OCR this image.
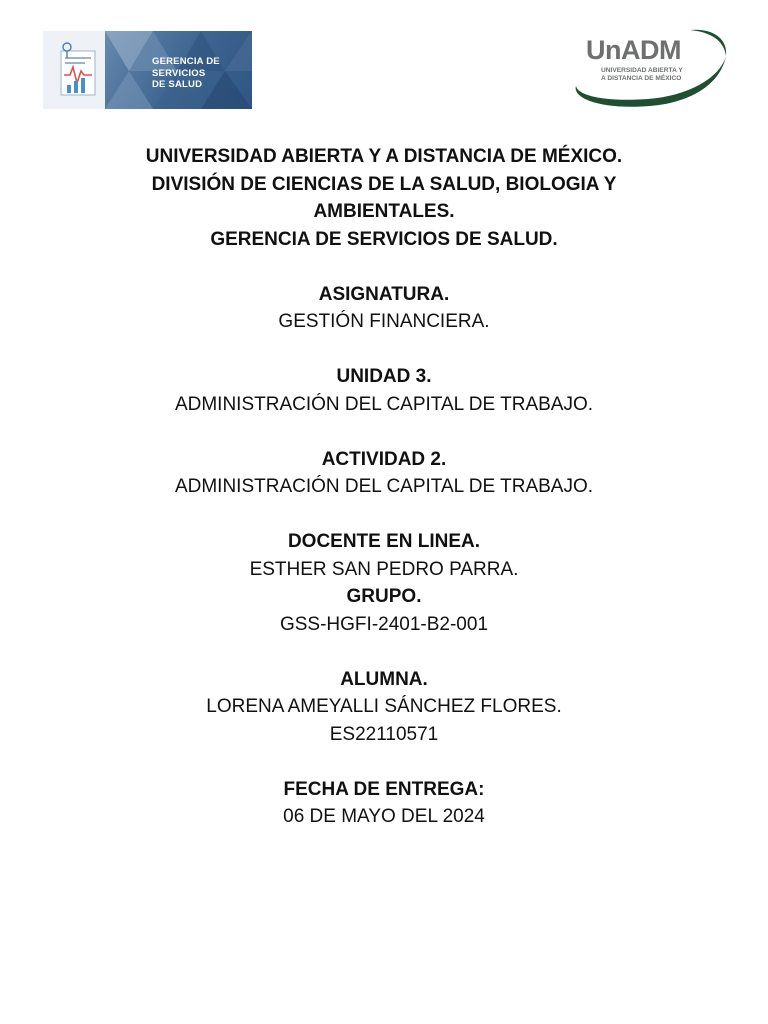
GERENCIA DE
SERVICIOS
DE SALUD
UnADM
UNIVERSIDAD ABIERTA Y
A DISTANCIA DE MÉXICO

UNIVERSIDAD ABIERTA Y A DISTANCIA DE MÉXICO.

DIVISIÓN DE CIENCIAS DE LA SALUD, BIOLOGIA Y

AMBIENTALES.

GERENCIA DE SERVICIOS DE SALUD.

ASIGNATURA.

GESTIÓN FINANCIERA.

UNIDAD 3.

ADMINISTRACIÓN DEL CAPITAL DE TRABAJO.

ACTIVIDAD 2.

ADMINISTRACIÓN DEL CAPITAL DE TRABAJO.

DOCENTE EN LINEA.

ESTHER SAN PEDRO PARRA.

GRUPO.

GSS-HGFI-2401-B2-001

ALUMNA.

LORENA AMEYALLI SÁNCHEZ FLORES.

ES22110571

FECHA DE ENTREGA:

06 DE MAYO DEL 2024
